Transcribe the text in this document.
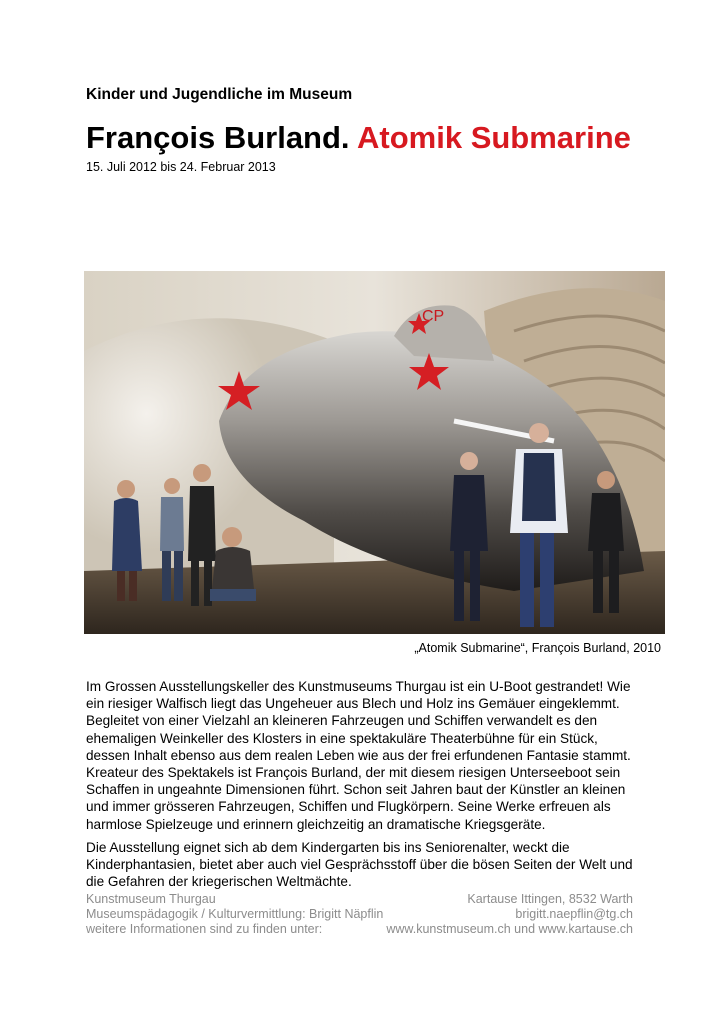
Kinder und Jugendliche im Museum
François Burland. Atomik Submarine
15. Juli 2012 bis 24. Februar 2013
CP
„Atomik Submarine“, François Burland, 2010

Im Grossen Ausstellungskeller des Kunstmuseums Thurgau ist ein U-Boot gestrandet! Wie ein riesiger Walfisch liegt das Ungeheuer aus Blech und Holz ins Gemäuer eingeklemmt. Begleitet von einer Vielzahl an kleineren Fahrzeugen und Schiffen verwandelt es den ehemaligen Weinkeller des Klosters in eine spektakuläre Theaterbühne für ein Stück, dessen Inhalt ebenso aus dem realen Leben wie aus der frei erfundenen Fantasie stammt.

Kreateur des Spektakels ist François Burland, der mit diesem riesigen Unterseeboot sein Schaffen in ungeahnte Dimensionen führt. Schon seit Jahren baut der Künstler an kleinen und immer grösseren Fahrzeugen, Schiffen und Flugkörpern. Seine Werke erfreuen als harmlose Spielzeuge und erinnern gleichzeitig an dramatische Kriegsgeräte.

Die Ausstellung eignet sich ab dem Kindergarten bis ins Seniorenalter, weckt die Kinderphantasien, bietet aber auch viel Gesprächsstoff über die bösen Seiten der Welt und die Gefahren der kriegerischen Weltmächte.

Kunstmuseum Thurgau	Kartause Ittingen, 8532 Warth
Museumspädagogik / Kulturvermittlung: Brigitt Näpflin	brigitt.naepflin@tg.ch
weitere Informationen sind zu finden unter:	www.kunstmuseum.ch und www.kartause.ch
